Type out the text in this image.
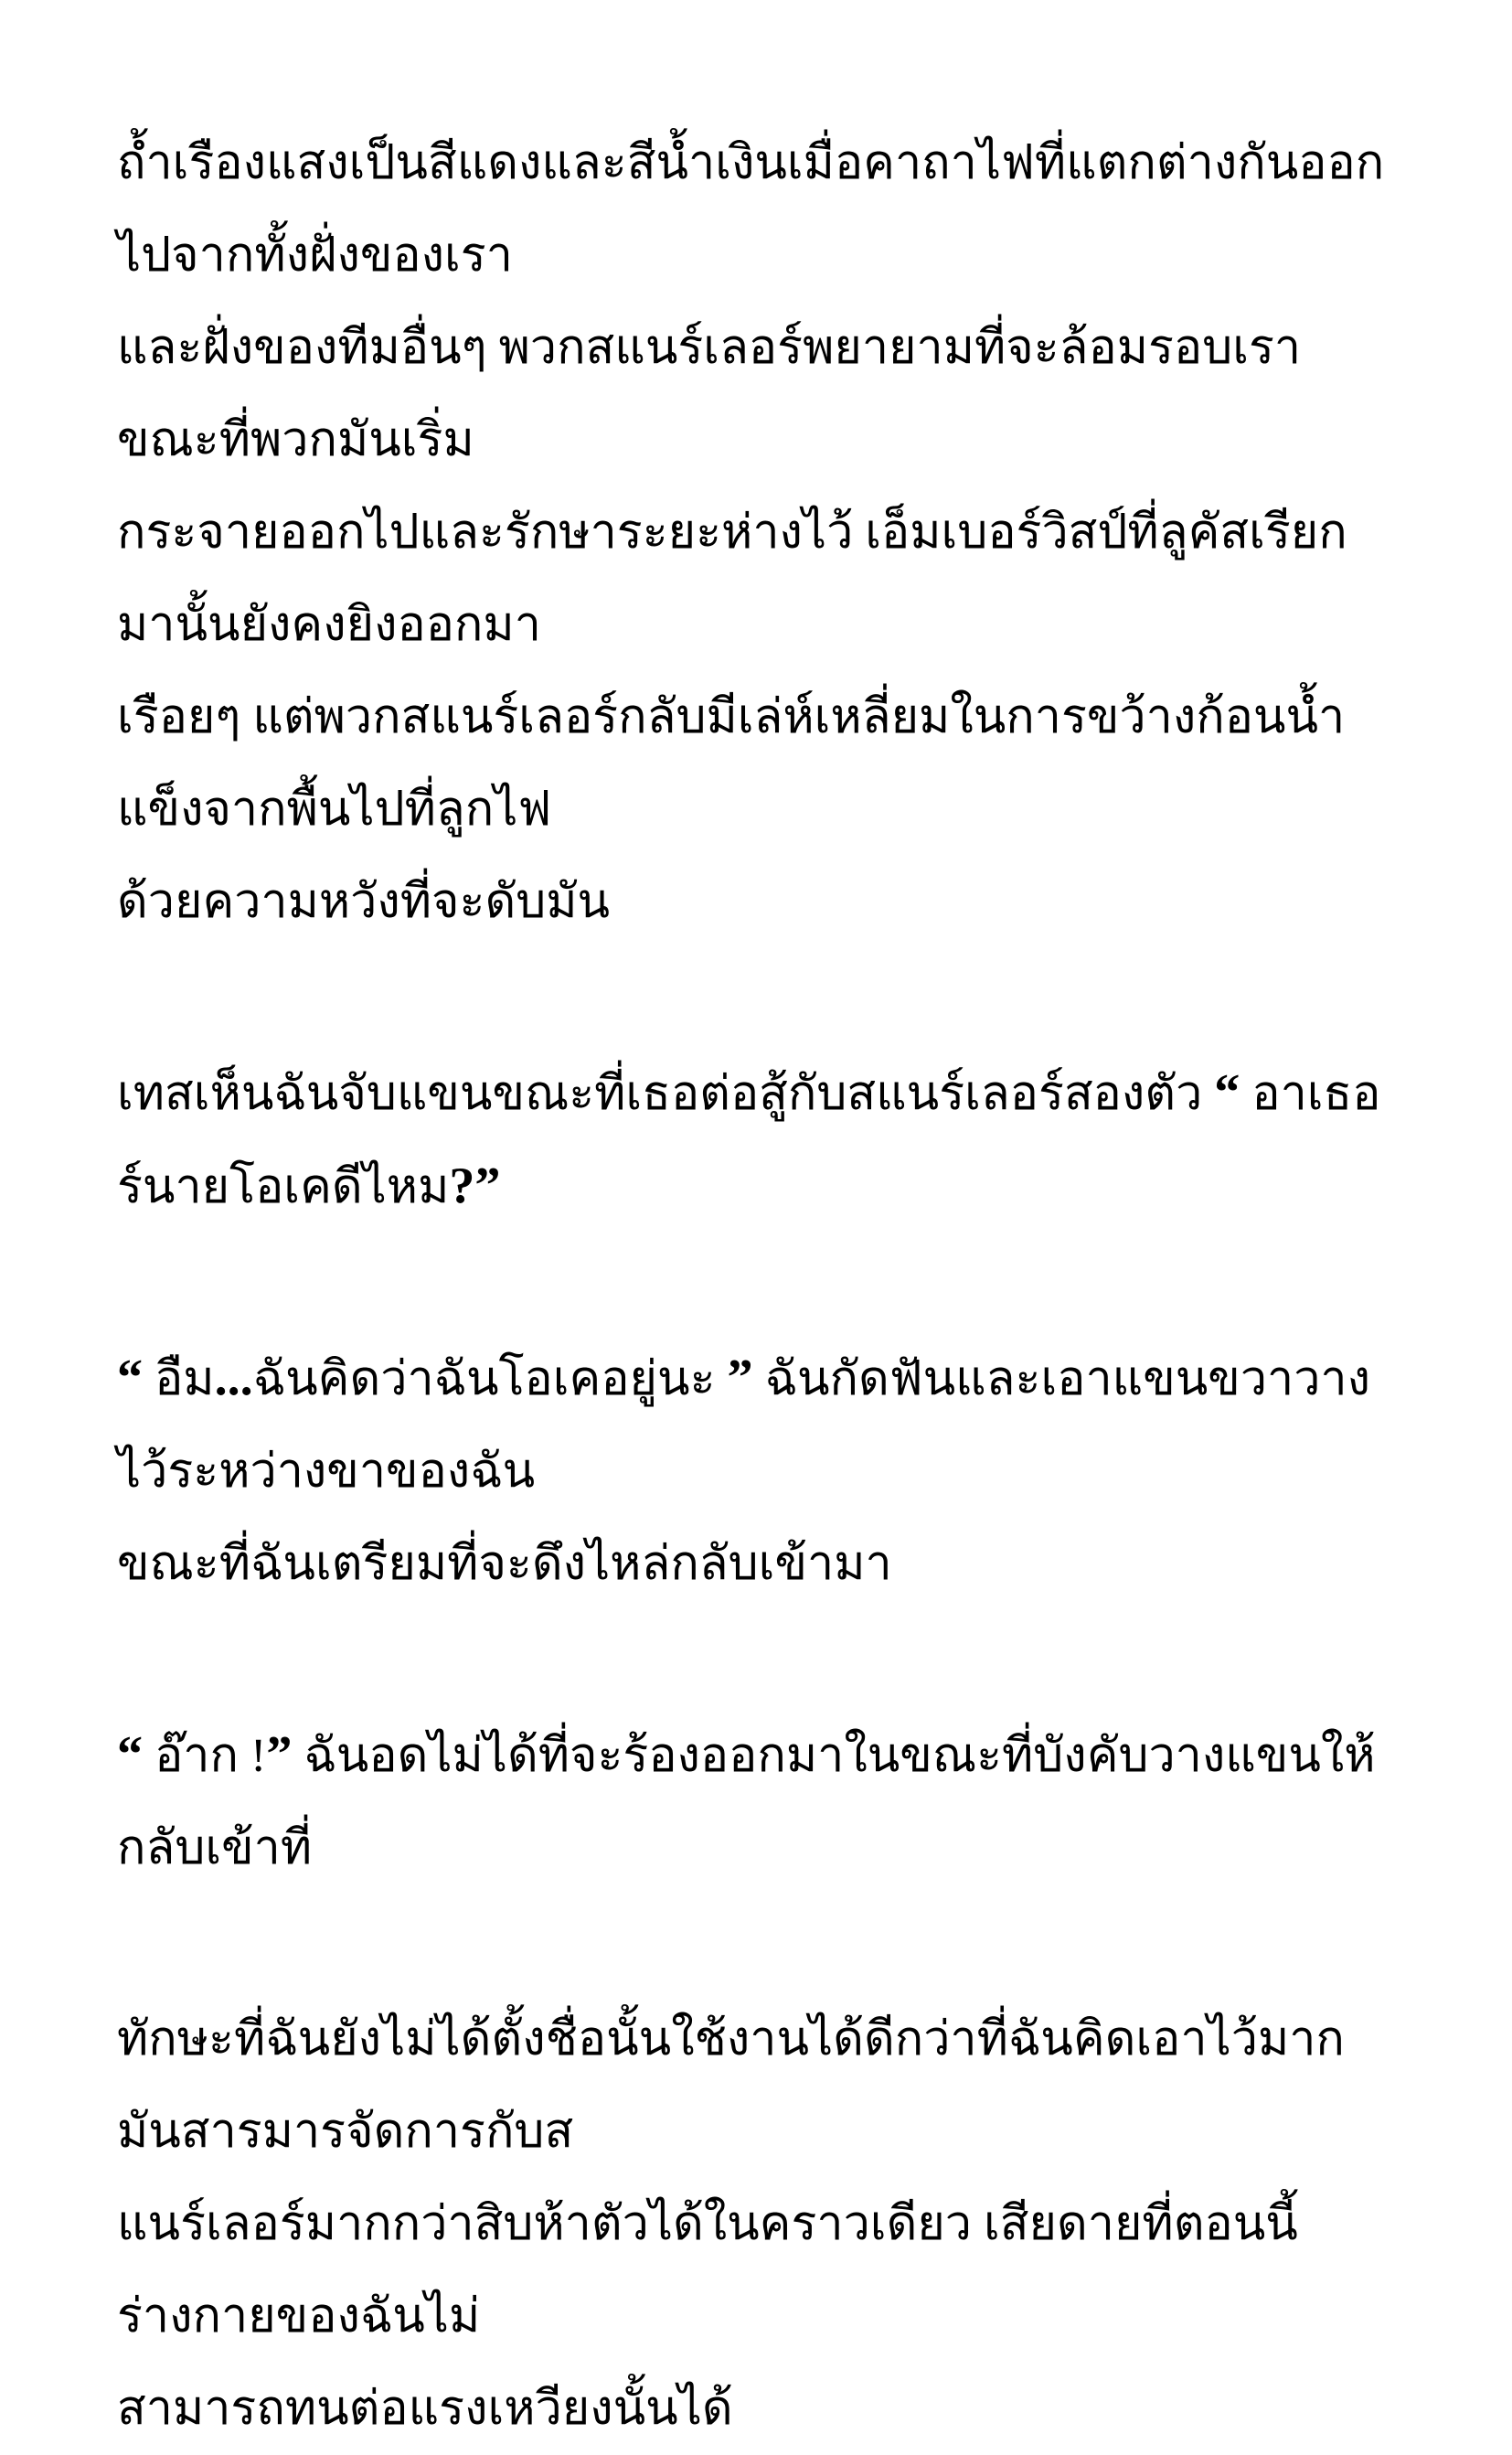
ถ้ำเรืองแสงเป็นสีแดงและสีน้ำเงินเมื่อคาถาไฟที่แตกต่างกันออกไปจากทั้งฝั่งของเรา
และฝั่งของทีมอื่นๆ พวกสแนร์เลอร์พยายามที่จะล้อมรอบเราขณะที่พวกมันเริ่ม
กระจายออกไปและรักษาระยะห่างไว้ เอ็มเบอร์วิสป์ที่ลูคัสเรียกมานั้นยังคงยิงออกมา
เรือยๆ แต่พวกสแนร์เลอร์กลับมีเล่ห์เหลี่ยมในการขว้างก้อนน้ำแข็งจากพื้นไปที่ลูกไฟ
ด้วยความหวังที่จะดับมัน

เทสเห็นฉันจับแขนขณะที่เธอต่อสู้กับสแนร์เลอร์สองตัว “ อาเธอร์นายโอเคดีไหม?”

“ อืม...ฉันคิดว่าฉันโอเคอยู่นะ ” ฉันกัดฟันและเอาแขนขวาวางไว้ระหว่างขาของฉัน
ขณะที่ฉันเตรียมที่จะดึงไหล่กลับเข้ามา

“ อ๊าก !” ฉันอดไม่ได้ที่จะร้องออกมาในขณะที่บังคับวางแขนให้กลับเข้าที่

ทักษะที่ฉันยังไม่ได้ตั้งชื่อนั้นใช้งานได้ดีกว่าที่ฉันคิดเอาไว้มาก มันสารมารจัดการกับส
แนร์เลอร์มากกว่าสิบห้าตัวได้ในคราวเดียว เสียดายที่ตอนนี้ร่างกายของฉันไม่
สามารถทนต่อแรงเหวียงนั้นได้
